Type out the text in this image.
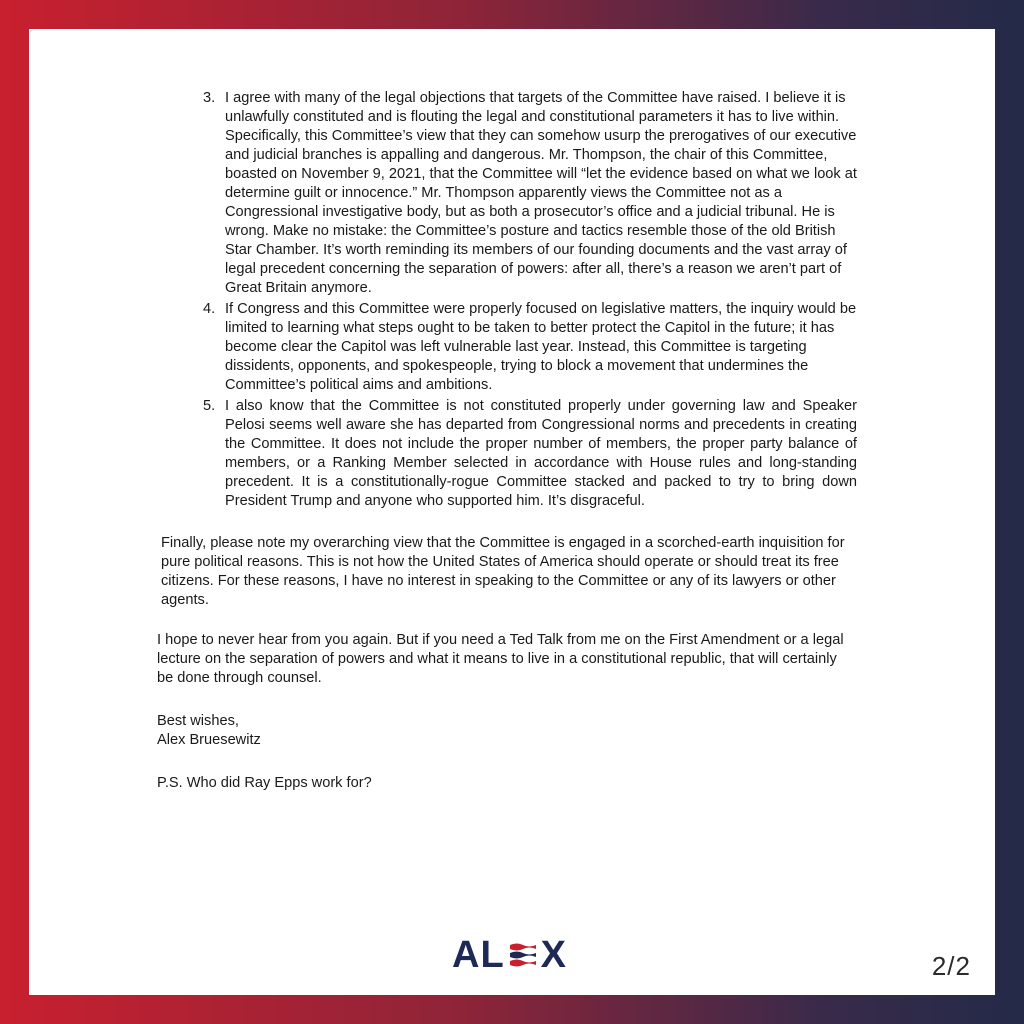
3. I agree with many of the legal objections that targets of the Committee have raised. I believe it is unlawfully constituted and is flouting the legal and constitutional parameters it has to live within. Specifically, this Committee’s view that they can somehow usurp the prerogatives of our executive and judicial branches is appalling and dangerous. Mr. Thompson, the chair of this Committee, boasted on November 9, 2021, that the Committee will “let the evidence based on what we look at determine guilt or innocence.” Mr. Thompson apparently views the Committee not as a Congressional investigative body, but as both a prosecutor’s office and a judicial tribunal. He is wrong. Make no mistake: the Committee’s posture and tactics resemble those of the old British Star Chamber. It’s worth reminding its members of our founding documents and the vast array of legal precedent concerning the separation of powers: after all, there’s a reason we aren’t part of Great Britain anymore.
4. If Congress and this Committee were properly focused on legislative matters, the inquiry would be limited to learning what steps ought to be taken to better protect the Capitol in the future; it has become clear the Capitol was left vulnerable last year. Instead, this Committee is targeting dissidents, opponents, and spokespeople, trying to block a movement that undermines the Committee’s political aims and ambitions.
5. I also know that the Committee is not constituted properly under governing law and Speaker Pelosi seems well aware she has departed from Congressional norms and precedents in creating the Committee. It does not include the proper number of members, the proper party balance of members, or a Ranking Member selected in accordance with House rules and long-standing precedent. It is a constitutionally-rogue Committee stacked and packed to try to bring down President Trump and anyone who supported him. It’s disgraceful.

Finally, please note my overarching view that the Committee is engaged in a scorched-earth inquisition for pure political reasons. This is not how the United States of America should operate or should treat its free citizens. For these reasons, I have no interest in speaking to the Committee or any of its lawyers or other agents.

I hope to never hear from you again. But if you need a Ted Talk from me on the First Amendment or a legal lecture on the separation of powers and what it means to live in a constitutional republic, that will certainly be done through counsel.

Best wishes,
Alex Bruesewitz

P.S. Who did Ray Epps work for?

AL X	2/2
